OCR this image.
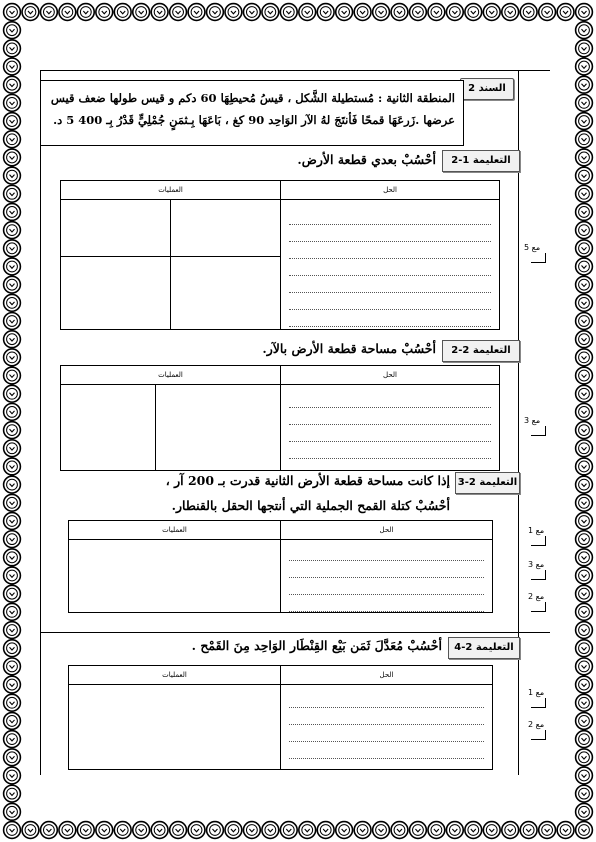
السند 2
المنطقة الثانية : مُستطيلة الشَّكل ، قيسُ مُحيطِهَا 60 دكم و قيس طولها ضعف قيس
عرضها .زَرعَهَا قمحًا فَأنتَجَ لهُ الآر الوَاحِد 90 كغ ، بَاعَهَا بِـثمَنٍ جُمْلِيٍّ قَدْرُ بِـ 400 5 د.
التعليمة 1-2
أحْسُبْ بعدي قطعة الأرض.
العمليات		الحل

مع 5
التعليمة 2-2
أحْسُبْ مساحة قطعة الأرض بالآر.
العمليات		الحل

مع 3
التعليمة 2-3
إذا كانت مساحة قطعة الأرض الثانية قدرت بـ 200 آر ،
أحْسُبْ كتلة القمح الجملية التي أنتجها الحقل بالقنطار.
العمليات	الحل
		مع 1
مع 3
مع 2
التعليمة 2-4
أحْسُبْ مُعَدَّلَ ثَمَن بَيْع القِنْطَار الوَاحِد مِنَ القَمْح .
العمليات	الحل

مع 1
مع 2
